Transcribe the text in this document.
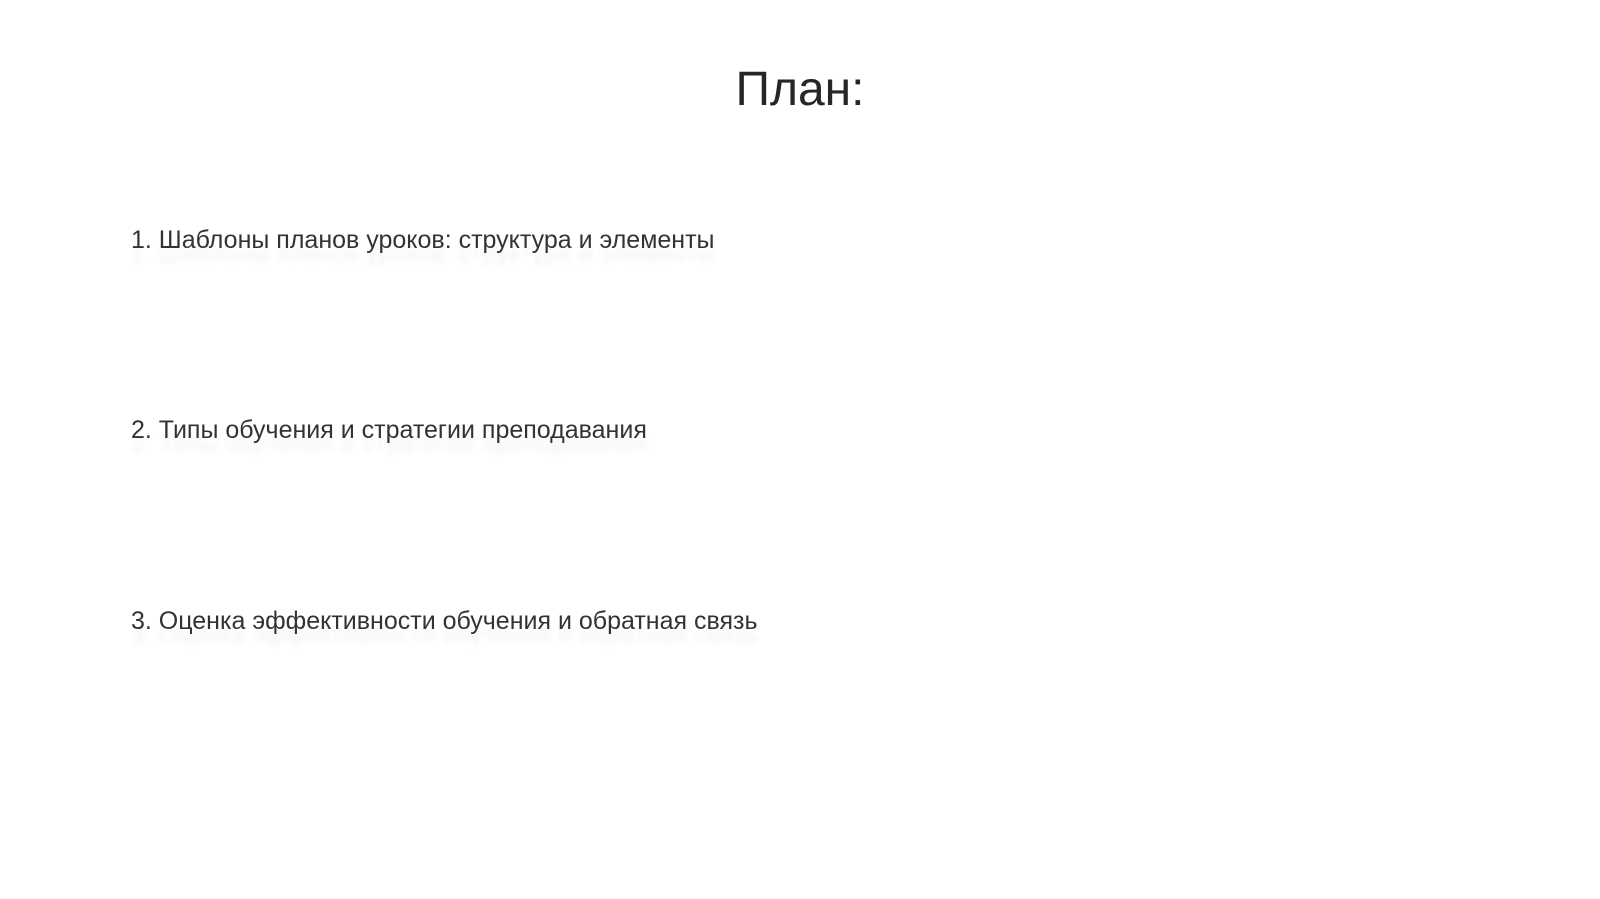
План:
1. Шаблоны планов уроков: структура и элементы
2. Типы обучения и стратегии преподавания
3. Оценка эффективности обучения и обратная связь
